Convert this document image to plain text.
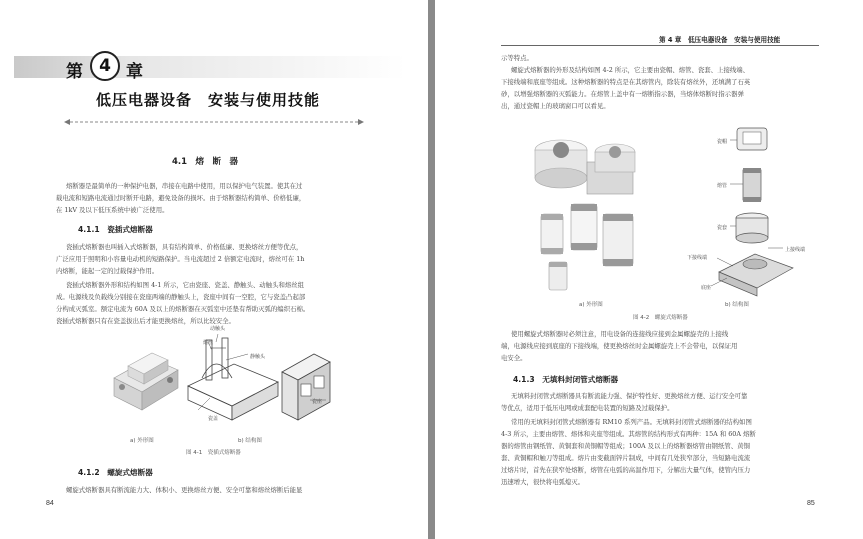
第 4 章
低压电器设备　安装与使用技能
4.1　熔　断　器
熔断器是最简单的一种保护电器，串接在电路中使用，用以保护电气装置。使其在过
载电流和短路电流通过时断开电路，避免设备的损坏。由于熔断器结构简单、价格低廉，
在 1kV 及以下低压系统中被广泛使用。
4.1.1　瓷插式熔断器
瓷插式熔断器也叫插入式熔断器，具有结构简单、价格低廉、更换熔丝方便等优点，
广泛应用于照明和小容量电动机的短路保护。当电流超过 2 倍额定电流时，熔丝可在 1h
内熔断，能起一定的过载保护作用。
瓷插式熔断器外形和结构如图 4-1 所示，它由瓷座、瓷盖、静触头、动触头和熔丝组
成。电源线及负载线分别接在瓷座两端的静触头上，瓷座中间有一空腔，它与瓷盖凸起部
分构成灭弧室。额定电流为 60A 及以上的熔断器在灭弧室中还垫有帮助灭弧的编织石棉。
瓷插式熔断器只有在瓷盖拔出后才能更换熔丝，所以比较安全。
动触头
熔丝
静触头
瓷座
瓷盖
a) 外形图	b) 结构图
图 4-1　瓷插式熔断器
4.1.2　螺旋式熔断器
螺旋式熔断器具有断流能力大、体积小、更换熔丝方便、安全可靠和熔丝熔断后能显
84
第 4 章　低压电器设备　安装与使用技能
示等特点。
螺旋式熔断器的外形及结构如图 4-2 所示，它主要由瓷帽、熔管、瓷套、上接线端、
下接线端和底座等组成。这种熔断器的特点是在其熔管内，除装有熔丝外，还填满了石英
砂，以增强熔断器的灭弧能力。在熔管上盖中有一熔断指示器，当熔体熔断时指示器弹
出，通过瓷帽上的玻璃窗口可以看见。
瓷帽
熔管
瓷套
上接线端
下接线端
底座
a) 外形图	b) 结构图
图 4-2　螺旋式熔断器
使用螺旋式熔断器时必须注意，用电设备的连接线应接到金属螺旋壳的上接线
端，电源线应接到底座的下接线端，使更换熔丝时金属螺旋壳上不会带电，以保证用
电安全。
4.1.3　无填料封闭管式熔断器
无填料封闭管式熔断器具有断流能力强、保护特性好、更换熔丝方便、运行安全可靠
等优点，适用于低压电网或成套配电装置的短路及过载保护。
常用的无填料封闭管式熔断器有 RM10 系列产品。无填料封闭管式熔断器的结构如图
4-3 所示，主要由熔管、熔体和夹座等组成。其熔管的结构形式有两种：15A 和 60A 熔断
器的熔管由钢纸管、黄铜套和黄铜帽等组成；100A 及以上的熔断器熔管由钢纸管、黄铜
套、黄铜帽和触刀等组成。熔片由变截面锌片制成，中间有几处狭窄部分，当短路电流流
过熔片时，首先在狭窄处熔断，熔管在电弧的高温作用下，分解出大量气体，使管内压力
迅速增大，很快将电弧熄灭。
85
